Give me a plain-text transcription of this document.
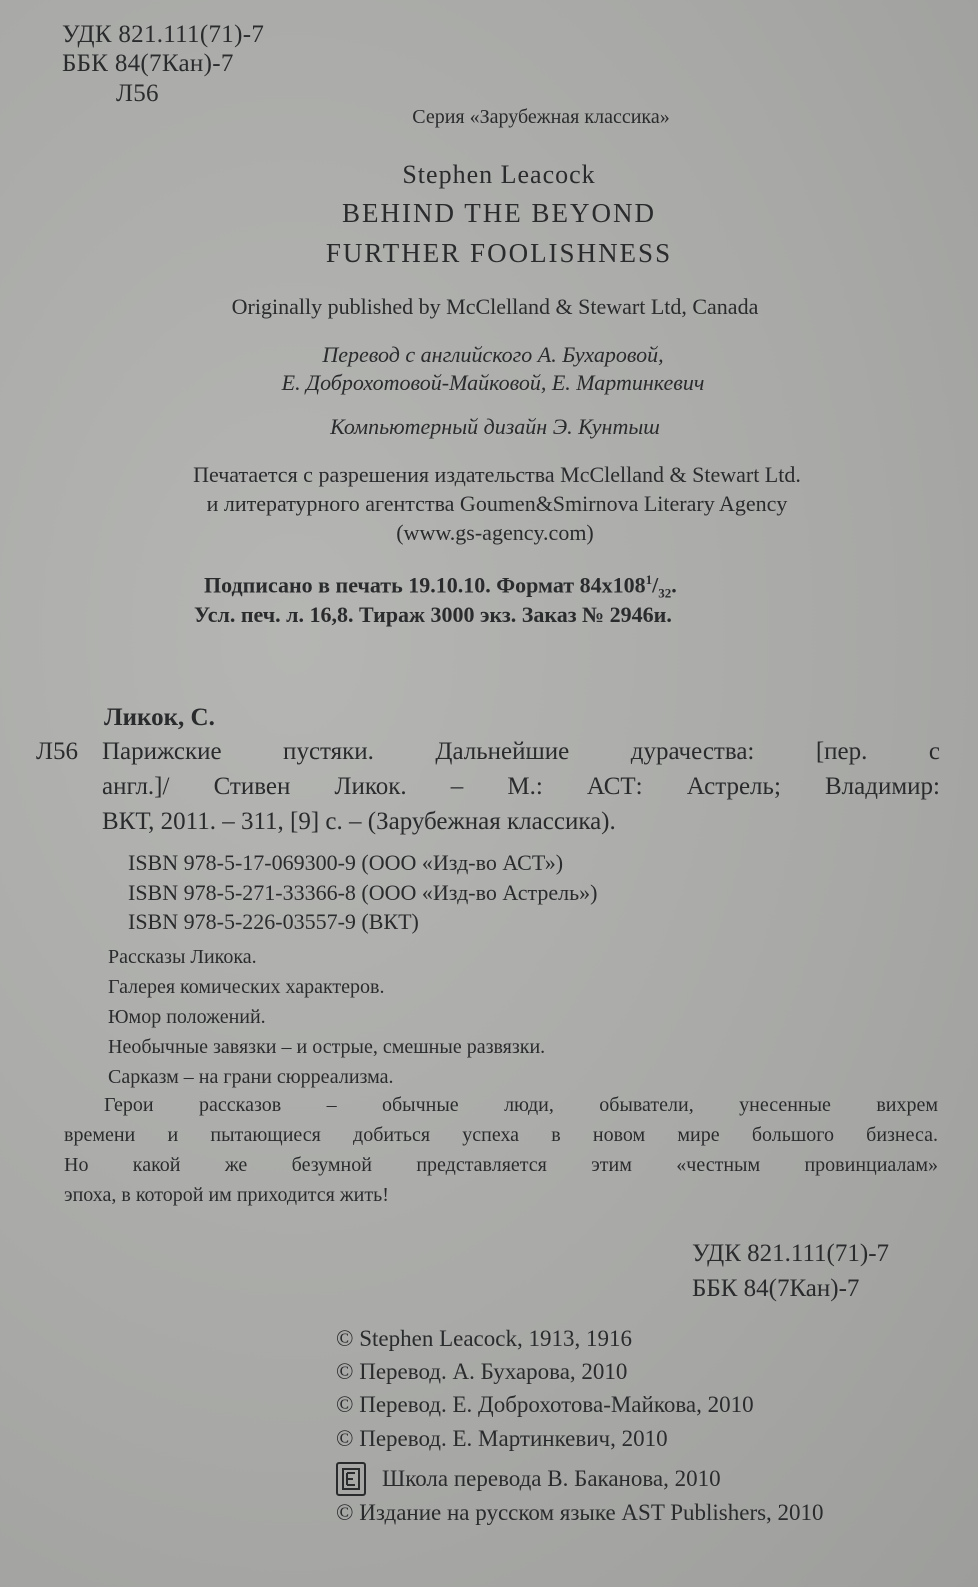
УДК 821.111(71)-7
ББК 84(7Кан)-7
Л56
Серия «Зарубежная классика»
Stephen Leacock
BEHIND THE BEYOND
FURTHER FOOLISHNESS
Originally published by McClelland & Stewart Ltd, Canada
Перевод с английского А. Бухаровой,
Е. Доброхотовой-Майковой, Е. Мартинкевич
Компьютерный дизайн Э. Кунтыш
Печатается с разрешения издательства McClelland & Stewart Ltd.
и литературного агентства Goumen&Smirnova Literary Agency
(www.gs-agency.com)
Подписано в печать 19.10.10. Формат $84x108^1/_{32}$.
Усл. печ. л. 16,8. Тираж 3000 экз. Заказ № 2946и.
Ликок, С.
Л56 Парижские пустяки. Дальнейшие дурачества: [пер. с
англ.]/ Стивен Ликок. – М.: АСТ: Астрель; Владимир:
ВКТ, 2011. – 311, [9] с. – (Зарубежная классика).
ISBN 978-5-17-069300-9 (ООО «Изд-во АСТ»)
ISBN 978-5-271-33366-8 (ООО «Изд-во Астрель»)
ISBN 978-5-226-03557-9 (ВКТ)
Рассказы Ликока.
Галерея комических характеров.
Юмор положений.
Необычные завязки – и острые, смешные развязки.
Сарказм – на грани сюрреализма.
Герои рассказов – обычные люди, обыватели, унесенные вихрем
времени и пытающиеся добиться успеха в новом мире большого бизнеса.
Но какой же безумной представляется этим «честным провинциалам»
эпоха, в которой им приходится жить!
УДК 821.111(71)-7
ББК 84(7Кан)-7
© Stephen Leacock, 1913, 1916
© Перевод. А. Бухарова, 2010
© Перевод. Е. Доброхотова-Майкова, 2010
© Перевод. Е. Мартинкевич, 2010
Школа перевода В. Баканова, 2010
© Издание на русском языке AST Publishers, 2010
